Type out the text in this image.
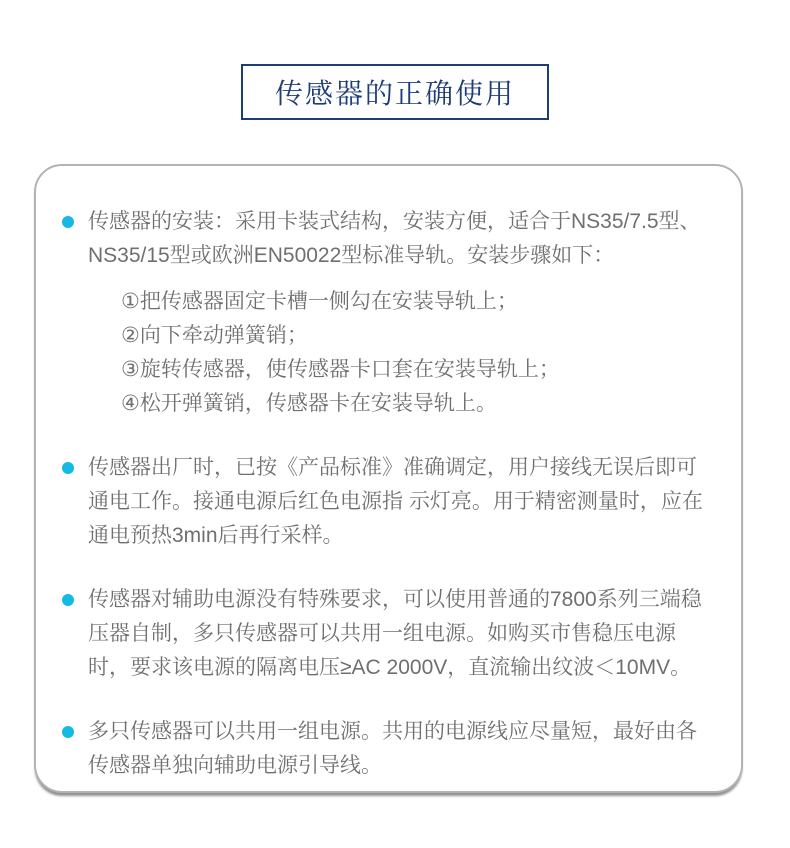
传感器的正确使用
传感器的安装：采用卡装式结构，安装方便，适合于NS35/7.5型、NS35/15型或欧洲EN50022型标准导轨。安装步骤如下：
①把传感器固定卡槽一侧勾在安装导轨上；
②向下牵动弹簧销；
③旋转传感器，使传感器卡口套在安装导轨上；
④松开弹簧销，传感器卡在安装导轨上。
传感器出厂时，已按《产品标准》准确调定，用户接线无误后即可通电工作。接通电源后红色电源指 示灯亮。用于精密测量时，应在通电预热3min后再行采样。
传感器对辅助电源没有特殊要求，可以使用普通的7800系列三端稳压器自制，多只传感器可以共用一组电源。如购买市售稳压电源时，要求该电源的隔离电压≥AC 2000V，直流输出纹波＜10MV。
多只传感器可以共用一组电源。共用的电源线应尽量短，最好由各传感器单独向辅助电源引导线。
